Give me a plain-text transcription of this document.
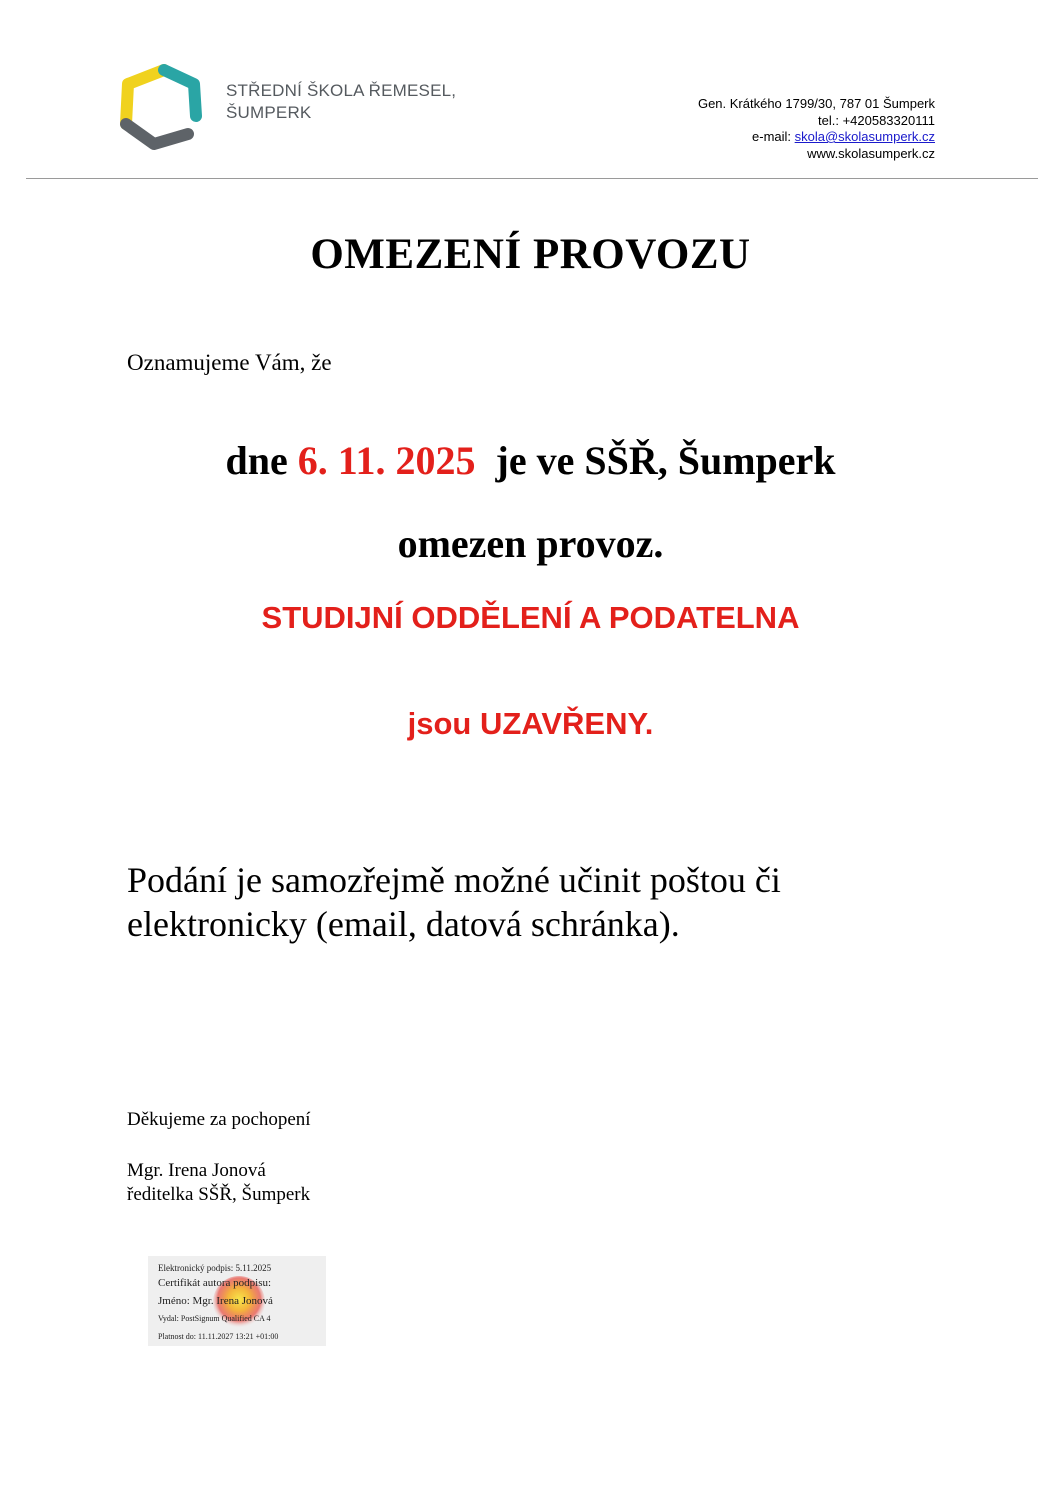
STŘEDNÍ ŠKOLA ŘEMESEL,
ŠUMPERK	Gen. Krátkého 1799/30, 787 01 Šumperk
tel.: +420583320111
e-mail: skola@skolasumperk.cz
www.skolasumperk.cz
OMEZENÍ PROVOZU
Oznamujeme Vám, že
dne 6. 11. 2025  je ve SŠŘ, Šumperk
omezen provoz.
STUDIJNÍ ODDĚLENÍ A PODATELNA
jsou UZAVŘENY.
Podání je samozřejmě možné učinit poštou či
elektronicky (email, datová schránka).
Děkujeme za pochopení
Mgr. Irena Jonová
ředitelka SŠŘ, Šumperk
Elektronický podpis: 5.11.2025
Certifikát autora podpisu:
Jméno: Mgr. Irena Jonová
Vydal: PostSignum Qualified CA 4
Platnost do: 11.11.2027 13:21 +01:00
